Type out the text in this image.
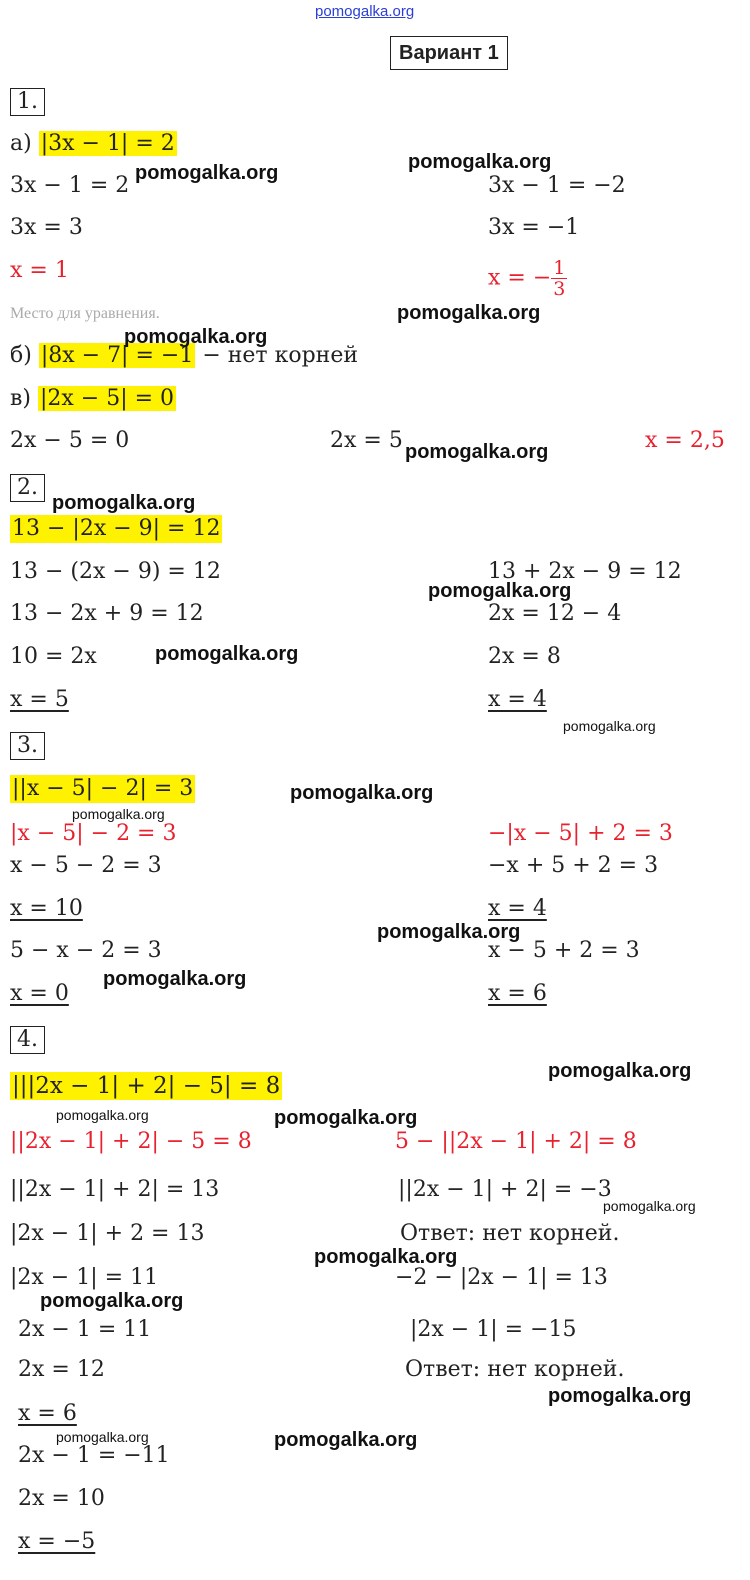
pomogalka.org
Вариант 1
1.
а) |3x − 1| = 2
3x − 1 = 2
3x = 3
x = 1
3x − 1 = −2
3x = −1
x = − $\frac{1}{3}$
Место для уравнения.
б) |8x − 7| = −1 − нет корней
в) |2x − 5| = 0
2x − 5 = 0	2x = 5	x = 2,5
2.
13 − |2x − 9| = 12
13 − (2x − 9) = 12
13 − 2x + 9 = 12
10 = 2x
x = 5
13 + 2x − 9 = 12
2x = 12 − 4
2x = 8
x = 4
3.
||x − 5| − 2| = 3
|x − 5| − 2 = 3
x − 5 − 2 = 3
x = 10
5 − x − 2 = 3
x = 0
−|x − 5| + 2 = 3
−x + 5 + 2 = 3
x = 4
x − 5 + 2 = 3
x = 6
4.
|||2x − 1| + 2| − 5| = 8
||2x − 1| + 2| − 5 = 8
||2x − 1| + 2| = 13
|2x − 1| + 2 = 13
|2x − 1| = 11
2x − 1 = 11
2x = 12
x = 6
2x − 1 = −11
2x = 10
x = −5
5 − ||2x − 1| + 2| = 8
||2x − 1| + 2| = −3
Ответ: нет корней.
−2 − |2x − 1| = 13
|2x − 1| = −15
Ответ: нет корней.
pomogalka.org
pomogalka.org
pomogalka.org
pomogalka.org
pomogalka.org
pomogalka.org
pomogalka.org
pomogalka.org
pomogalka.org
pomogalka.org
pomogalka.org
pomogalka.org
pomogalka.org
pomogalka.org
pomogalka.org	pomogalka.org
pomogalka.org
pomogalka.org
pomogalka.org
pomogalka.org
pomogalka.org	pomogalka.org
